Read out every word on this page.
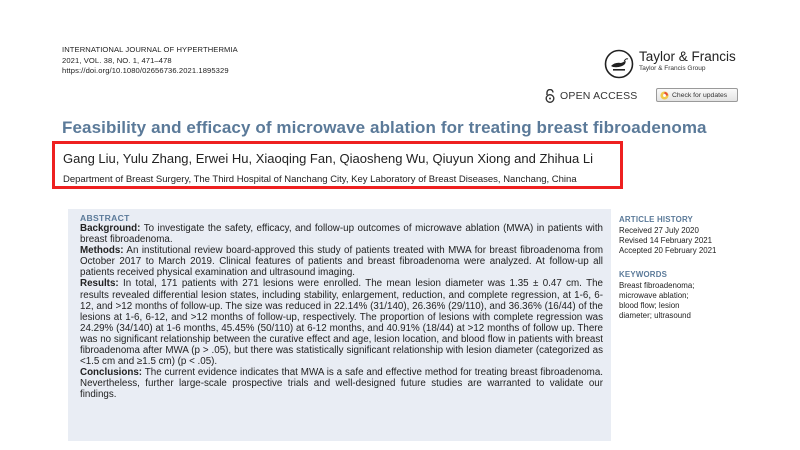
INTERNATIONAL JOURNAL OF HYPERTHERMIA
2021, VOL. 38, NO. 1, 471–478
https://doi.org/10.1080/02656736.2021.1895329
Taylor & Francis
Taylor & Francis Group
OPEN ACCESS	Check for updates
Feasibility and efficacy of microwave ablation for treating breast fibroadenoma
Gang Liu, Yulu Zhang, Erwei Hu, Xiaoqing Fan, Qiaosheng Wu, Qiuyun Xiong and Zhihua Li
Department of Breast Surgery, The Third Hospital of Nanchang City, Key Laboratory of Breast Diseases, Nanchang, China
ABSTRACT

Background: To investigate the safety, efficacy, and follow-up outcomes of microwave ablation (MWA) in patients with breast fibroadenoma.

Methods: An institutional review board-approved this study of patients treated with MWA for breast fibroadenoma from October 2017 to March 2019. Clinical features of patients and breast fibroadenoma were analyzed. At follow-up all patients received physical examination and ultrasound imaging.

Results: In total, 171 patients with 271 lesions were enrolled. The mean lesion diameter was 1.35 ± 0.47 cm. The results revealed differential lesion states, including stability, enlargement, reduction, and complete regression, at 1-6, 6-12, and >12 months of follow-up. The size was reduced in 22.14% (31/140), 26.36% (29/110), and 36.36% (16/44) of the lesions at 1-6, 6-12, and >12 months of follow-up, respectively. The proportion of lesions with complete regression was 24.29% (34/140) at 1-6 months, 45.45% (50/110) at 6-12 months, and 40.91% (18/44) at >12 months of follow up. There was no significant relationship between the curative effect and age, lesion location, and blood flow in patients with breast fibroadenoma after MWA (p > .05), but there was statistically significant relationship with lesion diameter (categorized as <1.5 cm and ≥1.5 cm) (p < .05).

Conclusions: The current evidence indicates that MWA is a safe and effective method for treating breast fibroadenoma. Nevertheless, further large-scale prospective trials and well-designed future studies are warranted to validate our findings.

ARTICLE HISTORY
Received 27 July 2020
Revised 14 February 2021
Accepted 20 February 2021
KEYWORDS
Breast fibroadenoma;
microwave ablation;
blood flow; lesion
diameter; ultrasound
